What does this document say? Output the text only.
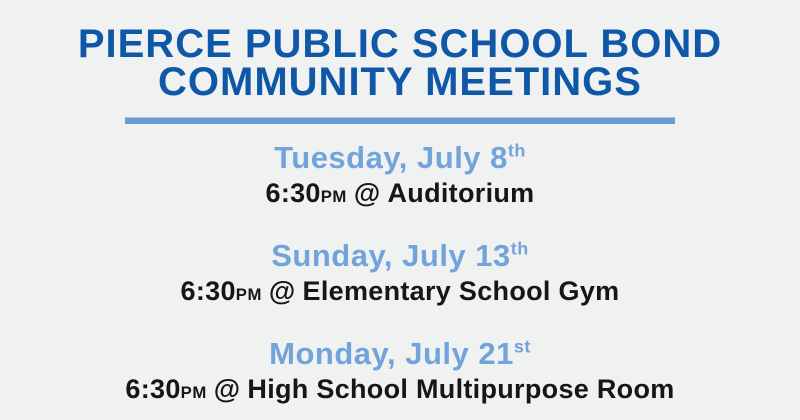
PIERCE PUBLIC SCHOOL BOND
COMMUNITY MEETINGS
Tuesday, July 8th

6:30PM @ Auditorium

Sunday, July 13th

6:30PM @ Elementary School Gym

Monday, July 21st

6:30PM @ High School Multipurpose Room
